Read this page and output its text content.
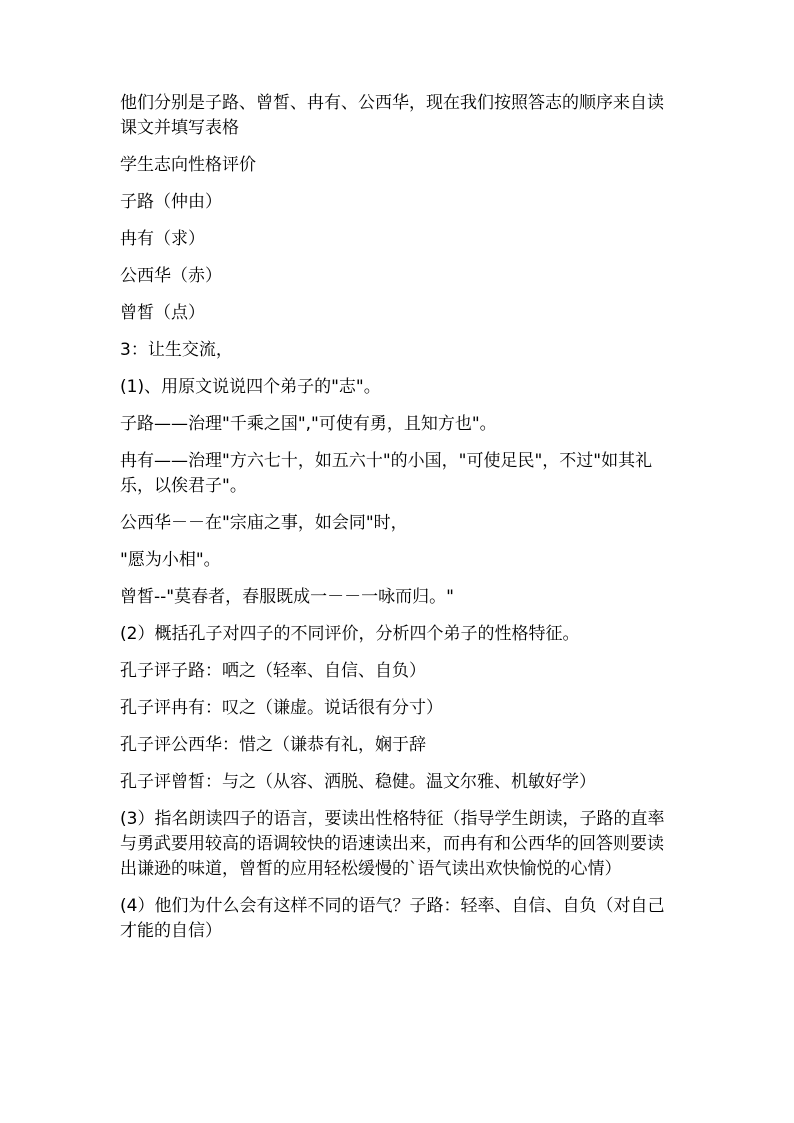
他们分别是子路、曾皙、冉有、公西华，现在我们按照答志的顺序来自读课文并填写表格

学生志向性格评价

子路（仲由）

冉有（求）

公西华（赤）

曾皙（点）

3：让生交流，

(1)、用原文说说四个弟子的"志"。

子路——治理"千乘之国","可使有勇，且知方也"。

冉有——治理"方六七十，如五六十"的小国，"可使足民"，不过"如其礼乐，以俟君子"。

公西华－－在"宗庙之事，如会同"时，

"愿为小相"。

曾皙--"莫春者，春服既成一－－一咏而归。"

(2）概括孔子对四子的不同评价，分析四个弟子的性格特征。

孔子评子路：哂之（轻率、自信、自负）

孔子评冉有：叹之（谦虚。说话很有分寸）

孔子评公西华：惜之（谦恭有礼，娴于辞

孔子评曾皙：与之（从容、洒脱、稳健。温文尔雅、机敏好学）

(3）指名朗读四子的语言，要读出性格特征（指导学生朗读，子路的直率与勇武要用较高的语调较快的语速读出来，而冉有和公西华的回答则要读出谦逊的味道，曾皙的应用轻松缓慢的`语气读出欢快愉悦的心情）

(4）他们为什么会有这样不同的语气？子路：轻率、自信、自负（对自己才能的自信）
